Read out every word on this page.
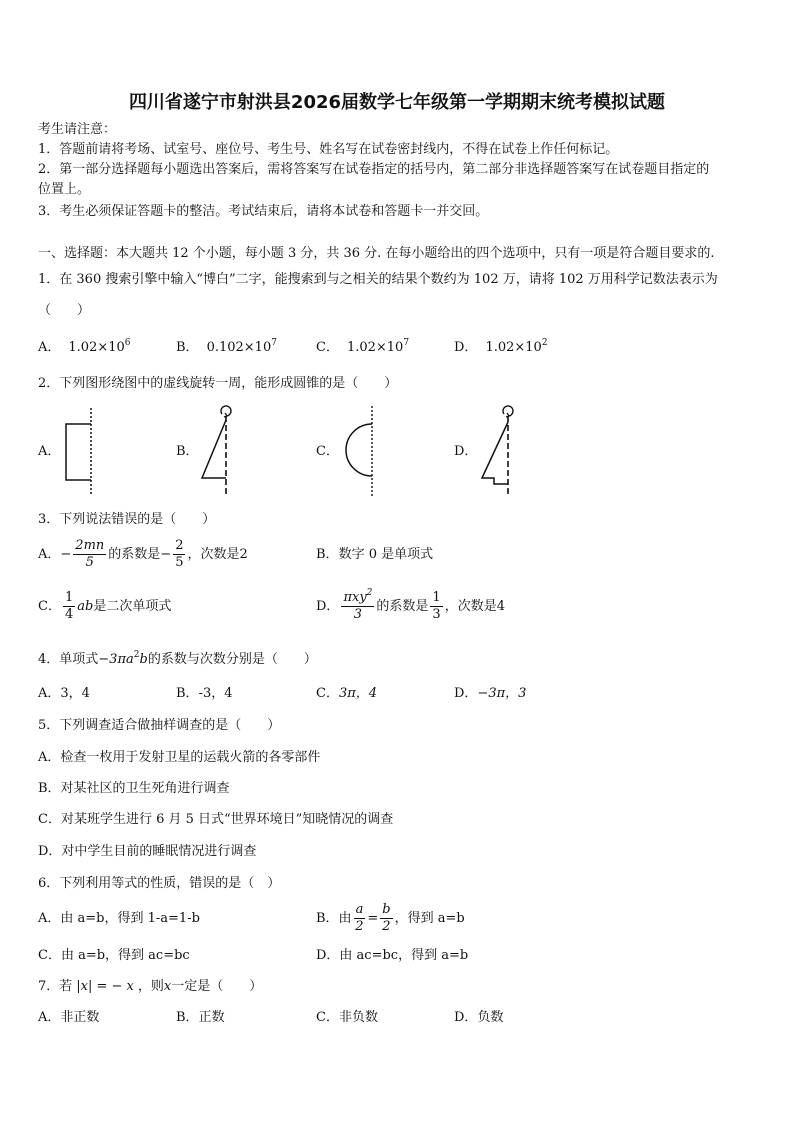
四川省遂宁市射洪县2026届数学七年级第一学期期末统考模拟试题
考生请注意：
1．答题前请将考场、试室号、座位号、考生号、姓名写在试卷密封线内，不得在试卷上作任何标记。
2．第一部分选择题每小题选出答案后，需将答案写在试卷指定的括号内，第二部分非选择题答案写在试卷题目指定的
位置上。
3．考生必须保证答题卡的整洁。考试结束后，请将本试卷和答题卡一并交回。
一、选择题：本大题共 12 个小题，每小题 3 分，共 36 分. 在每小题给出的四个选项中，只有一项是符合题目要求的.
1．在 360 搜索引擎中输入“博白”二字，能搜索到与之相关的结果个数约为 102 万，请将 102 万用科学记数法表示为
（　　）
A． $1.02\times 10^6$	B． $0.102\times 10^7$	C． $1.02\times 10^7$	D． $1.02\times 10^2$
2．下列图形绕图中的虚线旋转一周，能形成圆锥的是（　　）
A．	B．	C．	D．
3．下列说法错误的是（　　）
A．− $\frac{2mn}{5}$ 的系数是− $\frac{2}{5}$ ，次数是2	B．数字 0 是单项式
C． $\frac{1}{4}$ ab是二次单项式	D． $\frac{\pi xy^2}{3}$ 的系数是 $\frac{1}{3}$ ，次数是4
4．单项式$-3\pi a^2b$的系数与次数分别是（　　）
A．3，4	B．-3，4	C．3π，4	D．−3π，3
5．下列调查适合做抽样调查的是（　　）
A．检查一枚用于发射卫星的运载火箭的各零部件
B．对某社区的卫生死角进行调查
C．对某班学生进行 6 月 5 日式“世界环境日”知晓情况的调查
D．对中学生目前的睡眠情况进行调查
6．下列利用等式的性质，错误的是（　）
A．由 a=b，得到 1-a=1-b	B．由 $\frac{a}{2} = \frac{b}{2}$ ，得到 a=b
C．由 a=b，得到 ac=bc	D．由 ac=bc，得到 a=b
7．若 |x| = − x ，则x一定是（　　）
A．非正数	B．正数	C．非负数	D．负数
